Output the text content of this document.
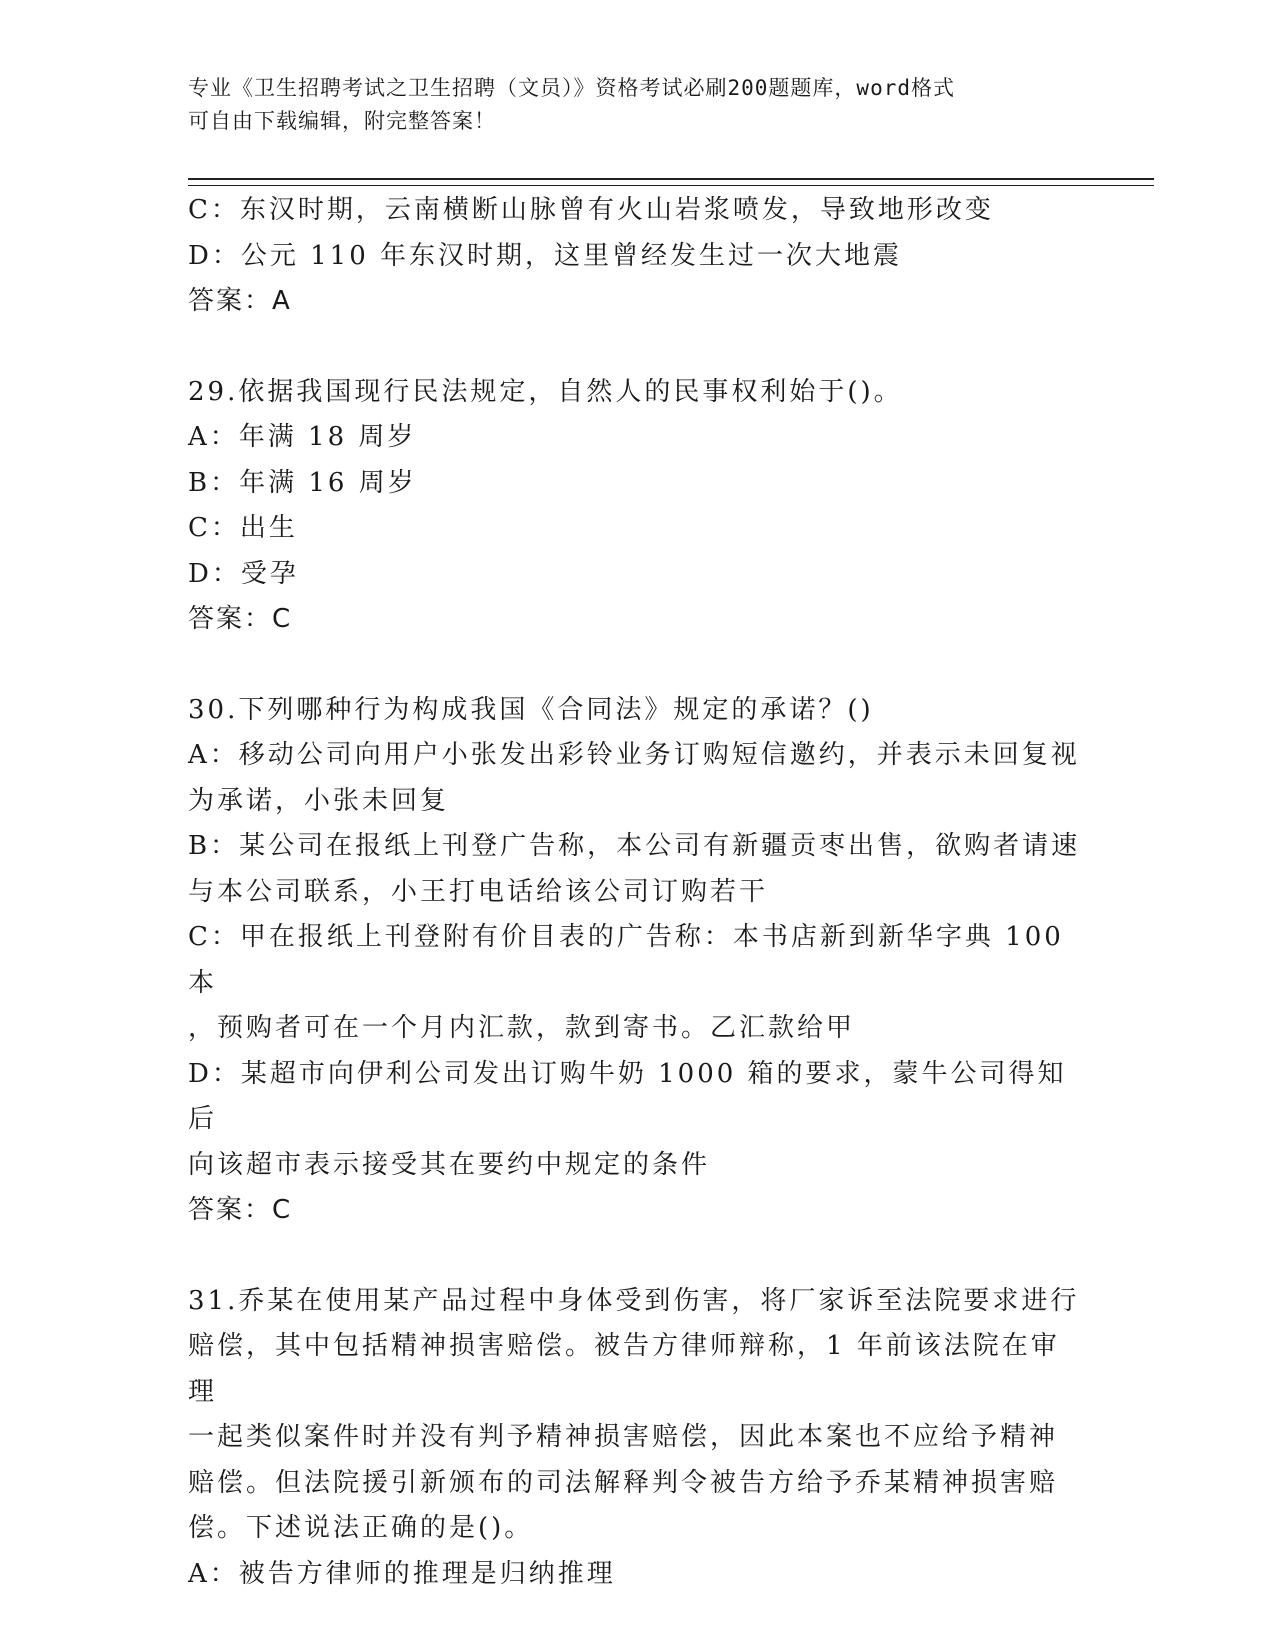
专业《卫生招聘考试之卫生招聘（文员）》资格考试必刷200题题库，word格式
可自由下载编辑，附完整答案！

C：东汉时期，云南横断山脉曾有火山岩浆喷发，导致地形改变

D：公元 110 年东汉时期，这里曾经发生过一次大地震

答案：A

29.依据我国现行民法规定，自然人的民事权利始于()。

A：年满 18 周岁

B：年满 16 周岁

C：出生

D：受孕

答案：C

30.下列哪种行为构成我国《合同法》规定的承诺？()

A：移动公司向用户小张发出彩铃业务订购短信邀约，并表示未回复视

为承诺，小张未回复

B：某公司在报纸上刊登广告称，本公司有新疆贡枣出售，欲购者请速

与本公司联系，小王打电话给该公司订购若干

C：甲在报纸上刊登附有价目表的广告称：本书店新到新华字典 100 本

，预购者可在一个月内汇款，款到寄书。乙汇款给甲

D：某超市向伊利公司发出订购牛奶 1000 箱的要求，蒙牛公司得知后

向该超市表示接受其在要约中规定的条件

答案：C

31.乔某在使用某产品过程中身体受到伤害，将厂家诉至法院要求进行

赔偿，其中包括精神损害赔偿。被告方律师辩称，1 年前该法院在审理

一起类似案件时并没有判予精神损害赔偿，因此本案也不应给予精神

赔偿。但法院援引新颁布的司法解释判令被告方给予乔某精神损害赔

偿。下述说法正确的是()。

A：被告方律师的推理是归纳推理
